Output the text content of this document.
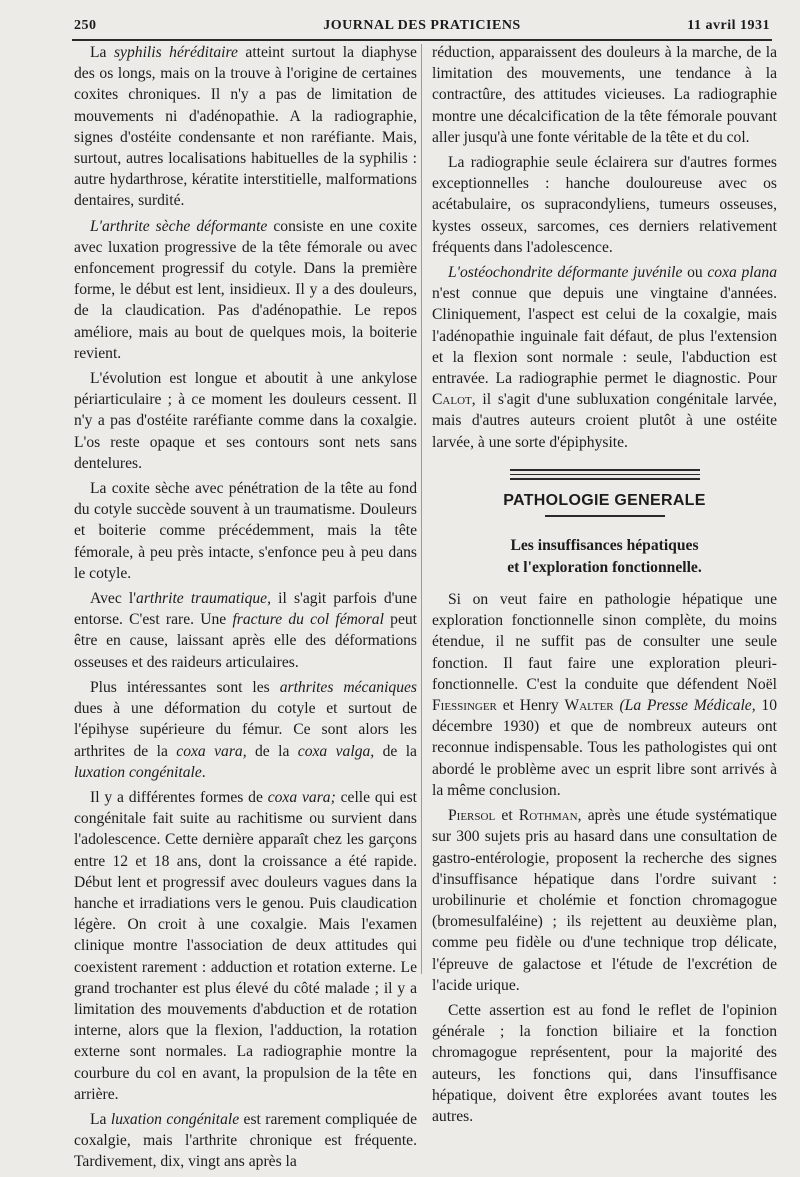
250	JOURNAL DES PRATICIENS	11 avril 1931

La syphilis héréditaire atteint surtout la diaphyse des os longs, mais on la trouve à l'origine de certaines coxites chroniques. Il n'y a pas de limitation de mouvements ni d'adénopathie. A la radiographie, signes d'ostéite condensante et non raréfiante. Mais, surtout, autres localisations habituelles de la syphilis : autre hydarthrose, kératite interstitielle, malformations dentaires, surdité.

L'arthrite sèche déformante consiste en une coxite avec luxation progressive de la tête fémorale ou avec enfoncement progressif du cotyle. Dans la première forme, le début est lent, insidieux. Il y a des douleurs, de la claudication. Pas d'adénopathie. Le repos améliore, mais au bout de quelques mois, la boiterie revient.

L'évolution est longue et aboutit à une ankylose périarticulaire ; à ce moment les douleurs cessent. Il n'y a pas d'ostéite raréfiante comme dans la coxalgie. L'os reste opaque et ses contours sont nets sans dentelures.

La coxite sèche avec pénétration de la tête au fond du cotyle succède souvent à un traumatisme. Douleurs et boiterie comme précédemment, mais la tête fémorale, à peu près intacte, s'enfonce peu à peu dans le cotyle.

Avec l'arthrite traumatique, il s'agit parfois d'une entorse. C'est rare. Une fracture du col fémoral peut être en cause, laissant après elle des déformations osseuses et des raideurs articulaires.

Plus intéressantes sont les arthrites mécaniques dues à une déformation du cotyle et surtout de l'épihyse supérieure du fémur. Ce sont alors les arthrites de la coxa vara, de la coxa valga, de la luxation congénitale.

Il y a différentes formes de coxa vara; celle qui est congénitale fait suite au rachitisme ou survient dans l'adolescence. Cette dernière apparaît chez les garçons entre 12 et 18 ans, dont la croissance a été rapide. Début lent et progressif avec douleurs vagues dans la hanche et irradiations vers le genou. Puis claudication légère. On croit à une coxalgie. Mais l'examen clinique montre l'association de deux attitudes qui coexistent rarement : adduction et rotation externe. Le grand trochanter est plus élevé du côté malade ; il y a limitation des mouvements d'abduction et de rotation interne, alors que la flexion, l'adduction, la rotation externe sont normales. La radiographie montre la courbure du col en avant, la propulsion de la tête en arrière.

La luxation congénitale est rarement compliquée de coxalgie, mais l'arthrite chronique est fréquente. Tardivement, dix, vingt ans après la

réduction, apparaissent des douleurs à la marche, de la limitation des mouvements, une tendance à la contractûre, des attitudes vicieuses. La radiographie montre une décalcification de la tête fémorale pouvant aller jusqu'à une fonte véritable de la tête et du col.

La radiographie seule éclairera sur d'autres formes exceptionnelles : hanche douloureuse avec os acétabulaire, os supracondyliens, tumeurs osseuses, kystes osseux, sarcomes, ces derniers relativement fréquents dans l'adolescence.

L'ostéochondrite déformante juvénile ou coxa plana n'est connue que depuis une vingtaine d'années. Cliniquement, l'aspect est celui de la coxalgie, mais l'adénopathie inguinale fait défaut, de plus l'extension et la flexion sont normale : seule, l'abduction est entravée. La radiographie permet le diagnostic. Pour Calot, il s'agit d'une subluxation congénitale larvée, mais d'autres auteurs croient plutôt à une ostéite larvée, à une sorte d'épiphysite.

PATHOLOGIE GENERALE

Les insuffisances hépatiques

et l'exploration fonctionnelle.

Si on veut faire en pathologie hépatique une exploration fonctionnelle sinon complète, du moins étendue, il ne suffit pas de consulter une seule fonction. Il faut faire une exploration pleuri-fonctionnelle. C'est la conduite que défendent Noël Fiessinger et Henry Walter (La Presse Médicale, 10 décembre 1930) et que de nombreux auteurs ont reconnue indispensable. Tous les pathologistes qui ont abordé le problème avec un esprit libre sont arrivés à la même conclusion.

Piersol et Rothman, après une étude systématique sur 300 sujets pris au hasard dans une consultation de gastro-entérologie, proposent la recherche des signes d'insuffisance hépatique dans l'ordre suivant : urobilinurie et cholémie et fonction chromagogue (bromesulfaléine) ; ils rejettent au deuxième plan, comme peu fidèle ou d'une technique trop délicate, l'épreuve de galactose et l'étude de l'excrétion de l'acide urique.

Cette assertion est au fond le reflet de l'opinion générale ; la fonction biliaire et la fonction chromagogue représentent, pour la majorité des auteurs, les fonctions qui, dans l'insuffisance hépatique, doivent être explorées avant toutes les autres.
